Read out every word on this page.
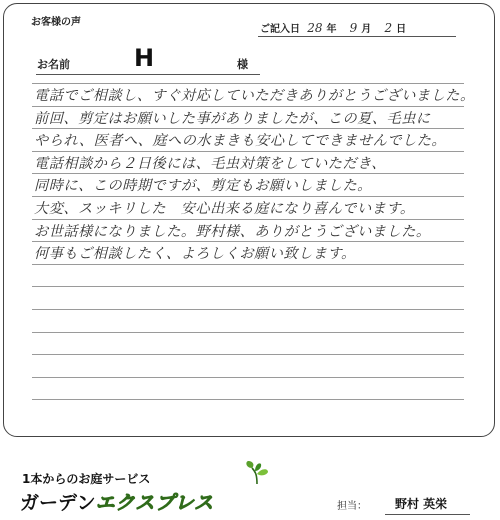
お客様の声
ご記入日 28 年 9 月 2 日
お名前	H	様
電話でご相談し、すぐ対応していただきありがとうございました。
前回、剪定はお願いした事がありましたが、この夏、毛虫に
やられ、医者へ、庭への水まきも安心してできませんでした。
電話相談から２日後には、毛虫対策をしていただき、
同時に、この時期ですが、剪定もお願いしました。
大変、スッキリした　安心出来る庭になり喜んでいます。
お世話様になりました。野村様、ありがとうございました。
何事もご相談したく、よろしくお願い致します。
1本からのお庭サービス
ガーデンエクスプレス	担当： 野村 英栄
